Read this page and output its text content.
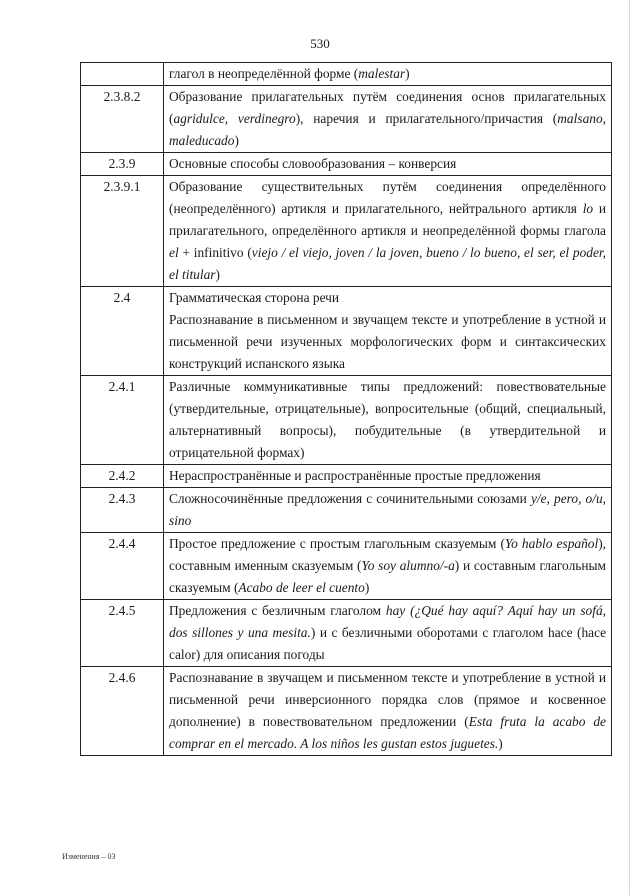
530

	глагол в неопределённой форме (malestar)

2.3.8.2	Образование прилагательных путём соединения основ прилагательных (agridulce, verdinegro), наречия и прилагательного/причастия (malsano, maleducado)

2.3.9	Основные способы словообразования – конверсия

2.3.9.1	Образование существительных путём соединения определённого (неопределённого) артикля и прилагательного, нейтрального артикля lo и прилагательного, определённого артикля и неопределённой формы глагола el + infinitivo (viejo / el viejo, joven / la joven, bueno / lo bueno, el ser, el poder, el titular)

2.4	Грамматическая сторона речи

Распознавание в письменном и звучащем тексте и употребление в устной и письменной речи изученных морфологических форм и синтаксических конструкций испанского языка

2.4.1	Различные коммуникативные типы предложений: повествовательные (утвердительные, отрицательные), вопросительные (общий, специальный, альтернативный вопросы), побудительные (в утвердительной и отрицательной формах)

2.4.2	Нераспространённые и распространённые простые предложения

2.4.3	Сложносочинённые предложения с сочинительными союзами y/e, pero, o/u, sino

2.4.4	Простое предложение с простым глагольным сказуемым (Yo hablo español), составным именным сказуемым (Yo soy alumno/-a) и составным глагольным сказуемым (Acabo de leer el cuento)

2.4.5	Предложения с безличным глаголом hay (¿Qué hay aquí? Aquí hay un sofá, dos sillones y una mesita.) и с безличными оборотами с глаголом hace (hace calor) для описания погоды

2.4.6	Распознавание в звучащем и письменном тексте и употребление в устной и письменной речи инверсионного порядка слов (прямое и косвенное дополнение) в повествовательном предложении (Esta fruta la acabo de comprar en el mercado. A los niños les gustan estos juguetes.)

Изменения – 03
